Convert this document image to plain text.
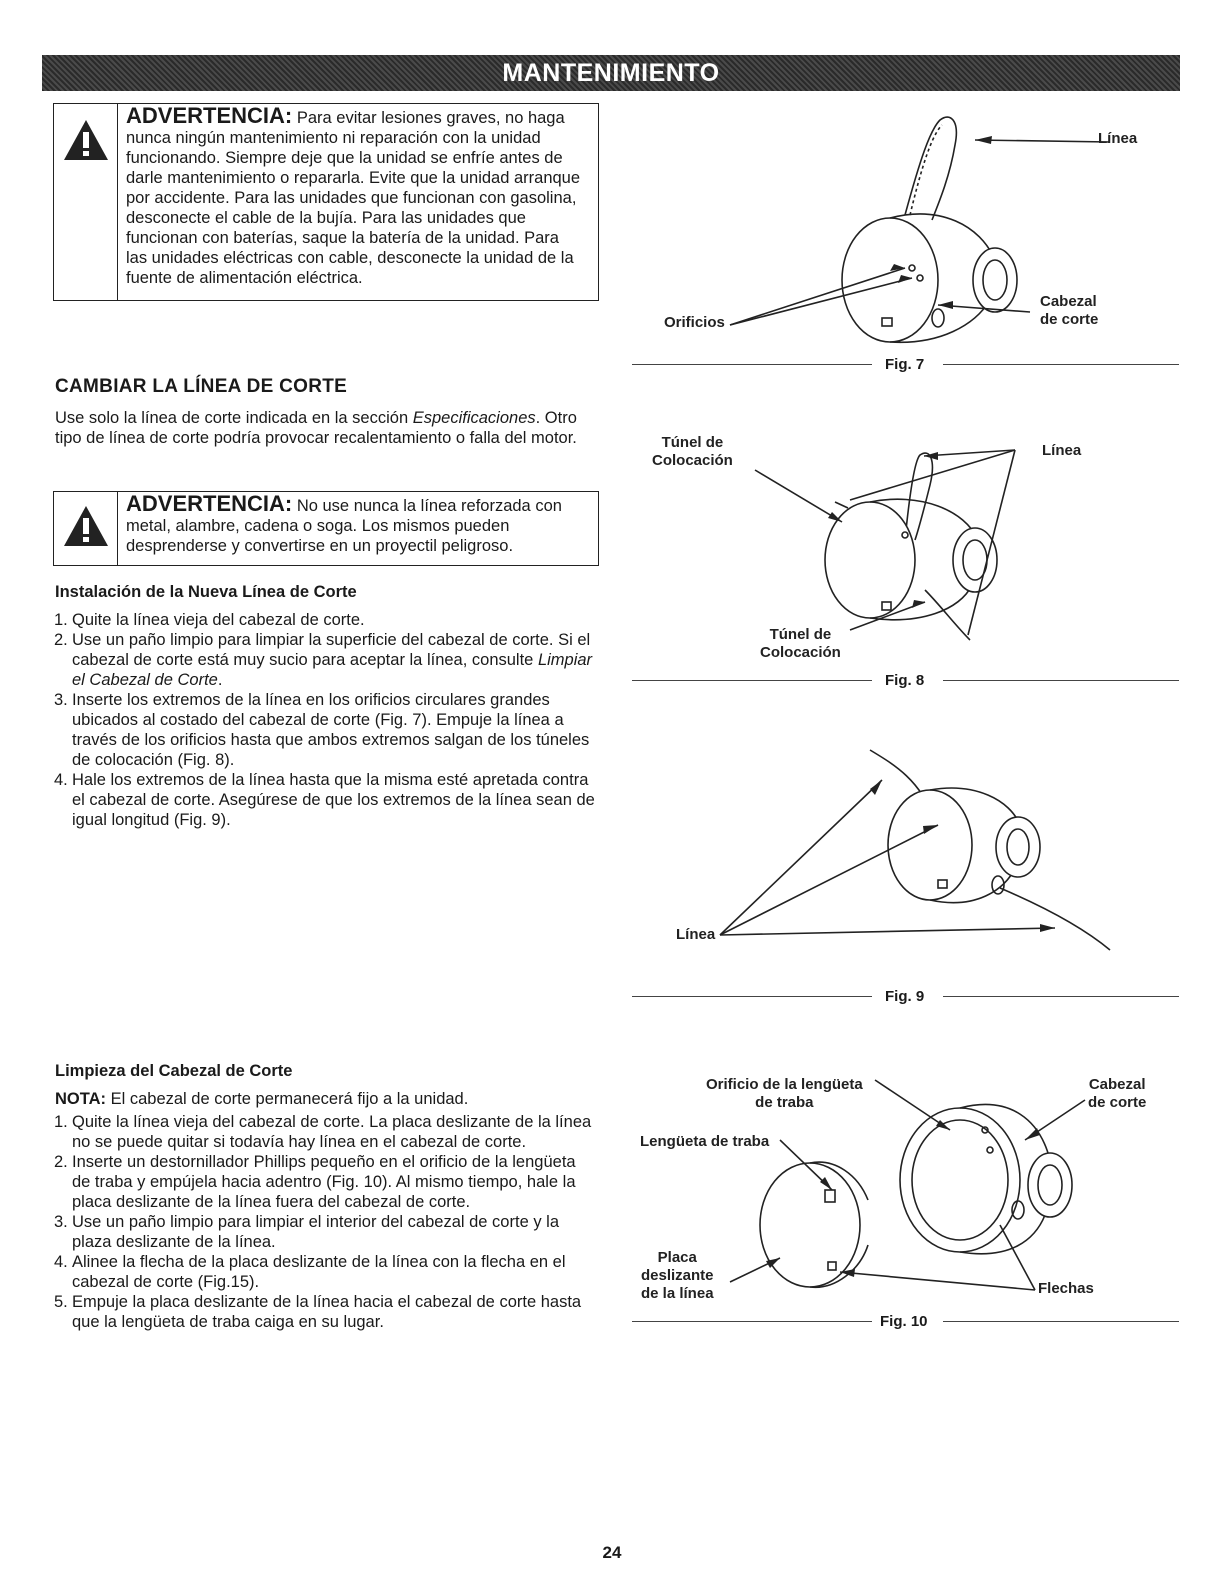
MANTENIMIENTO
ADVERTENCIA: Para evitar lesiones graves, no haga nunca ningún mantenimiento ni reparación con la unidad funcionando. Siempre deje que la unidad se enfríe antes de darle mantenimiento o repararla. Evite que la unidad arranque por accidente. Para las unidades que funcionan con gasolina, desconecte el cable de la bujía. Para las unidades que funcionan con baterías, saque la batería de la unidad. Para las unidades eléctricas con cable, desconecte la unidad de la fuente de alimentación eléctrica.
CAMBIAR LA LÍNEA DE CORTE

Use solo la línea de corte indicada en la sección Especificaciones. Otro tipo de línea de corte podría provocar recalentamiento o falla del motor.

ADVERTENCIA: No use nunca la línea reforzada con metal, alambre, cadena o soga. Los mismos pueden desprenderse y convertirse en un proyectil peligroso.
Instalación de la Nueva Línea de Corte
1. Quite la línea vieja del cabezal de corte.
2. Use un paño limpio para limpiar la superficie del cabezal de corte. Si el cabezal de corte está muy sucio para aceptar la línea, consulte Limpiar el Cabezal de Corte.
3. Inserte los extremos de la línea en los orificios circulares grandes ubicados al costado del cabezal de corte (Fig. 7). Empuje la línea a través de los orificios hasta que ambos extremos salgan de los túneles de colocación (Fig. 8).
4. Hale los extremos de la línea hasta que la misma esté apretada contra el cabezal de corte. Asegúrese de que los extremos de la línea sean de igual longitud (Fig. 9).
Limpieza del Cabezal de Corte

NOTA: El cabezal de corte permanecerá fijo a la unidad.

1. Quite la línea vieja del cabezal de corte. La placa deslizante de la línea no se puede quitar si todavía hay línea en el cabezal de corte.
2. Inserte un destornillador Phillips pequeño en el orificio de la lengüeta de traba y empújela hacia adentro (Fig. 10). Al mismo tiempo, hale la placa deslizante de la línea fuera del cabezal de corte.
3. Use un paño limpio para limpiar el interior del cabezal de corte y la plaza deslizante de la línea.
4. Alinee la flecha de la placa deslizante de la línea con la flecha en el cabezal de corte (Fig.15).
5. Empuje la placa deslizante de la línea hacia el cabezal de corte hasta que la lengüeta de traba caiga en su lugar.
Línea
Orificios
Cabezal
de corte
Fig. 7
Túnel de
Colocación
Línea
Túnel de
Colocación
Fig. 8
Línea
Fig. 9
Orificio de la lengüeta
de traba
Lengüeta de traba
Placa
deslizante
de la línea
Cabezal
de corte
Flechas
Fig. 10
24
